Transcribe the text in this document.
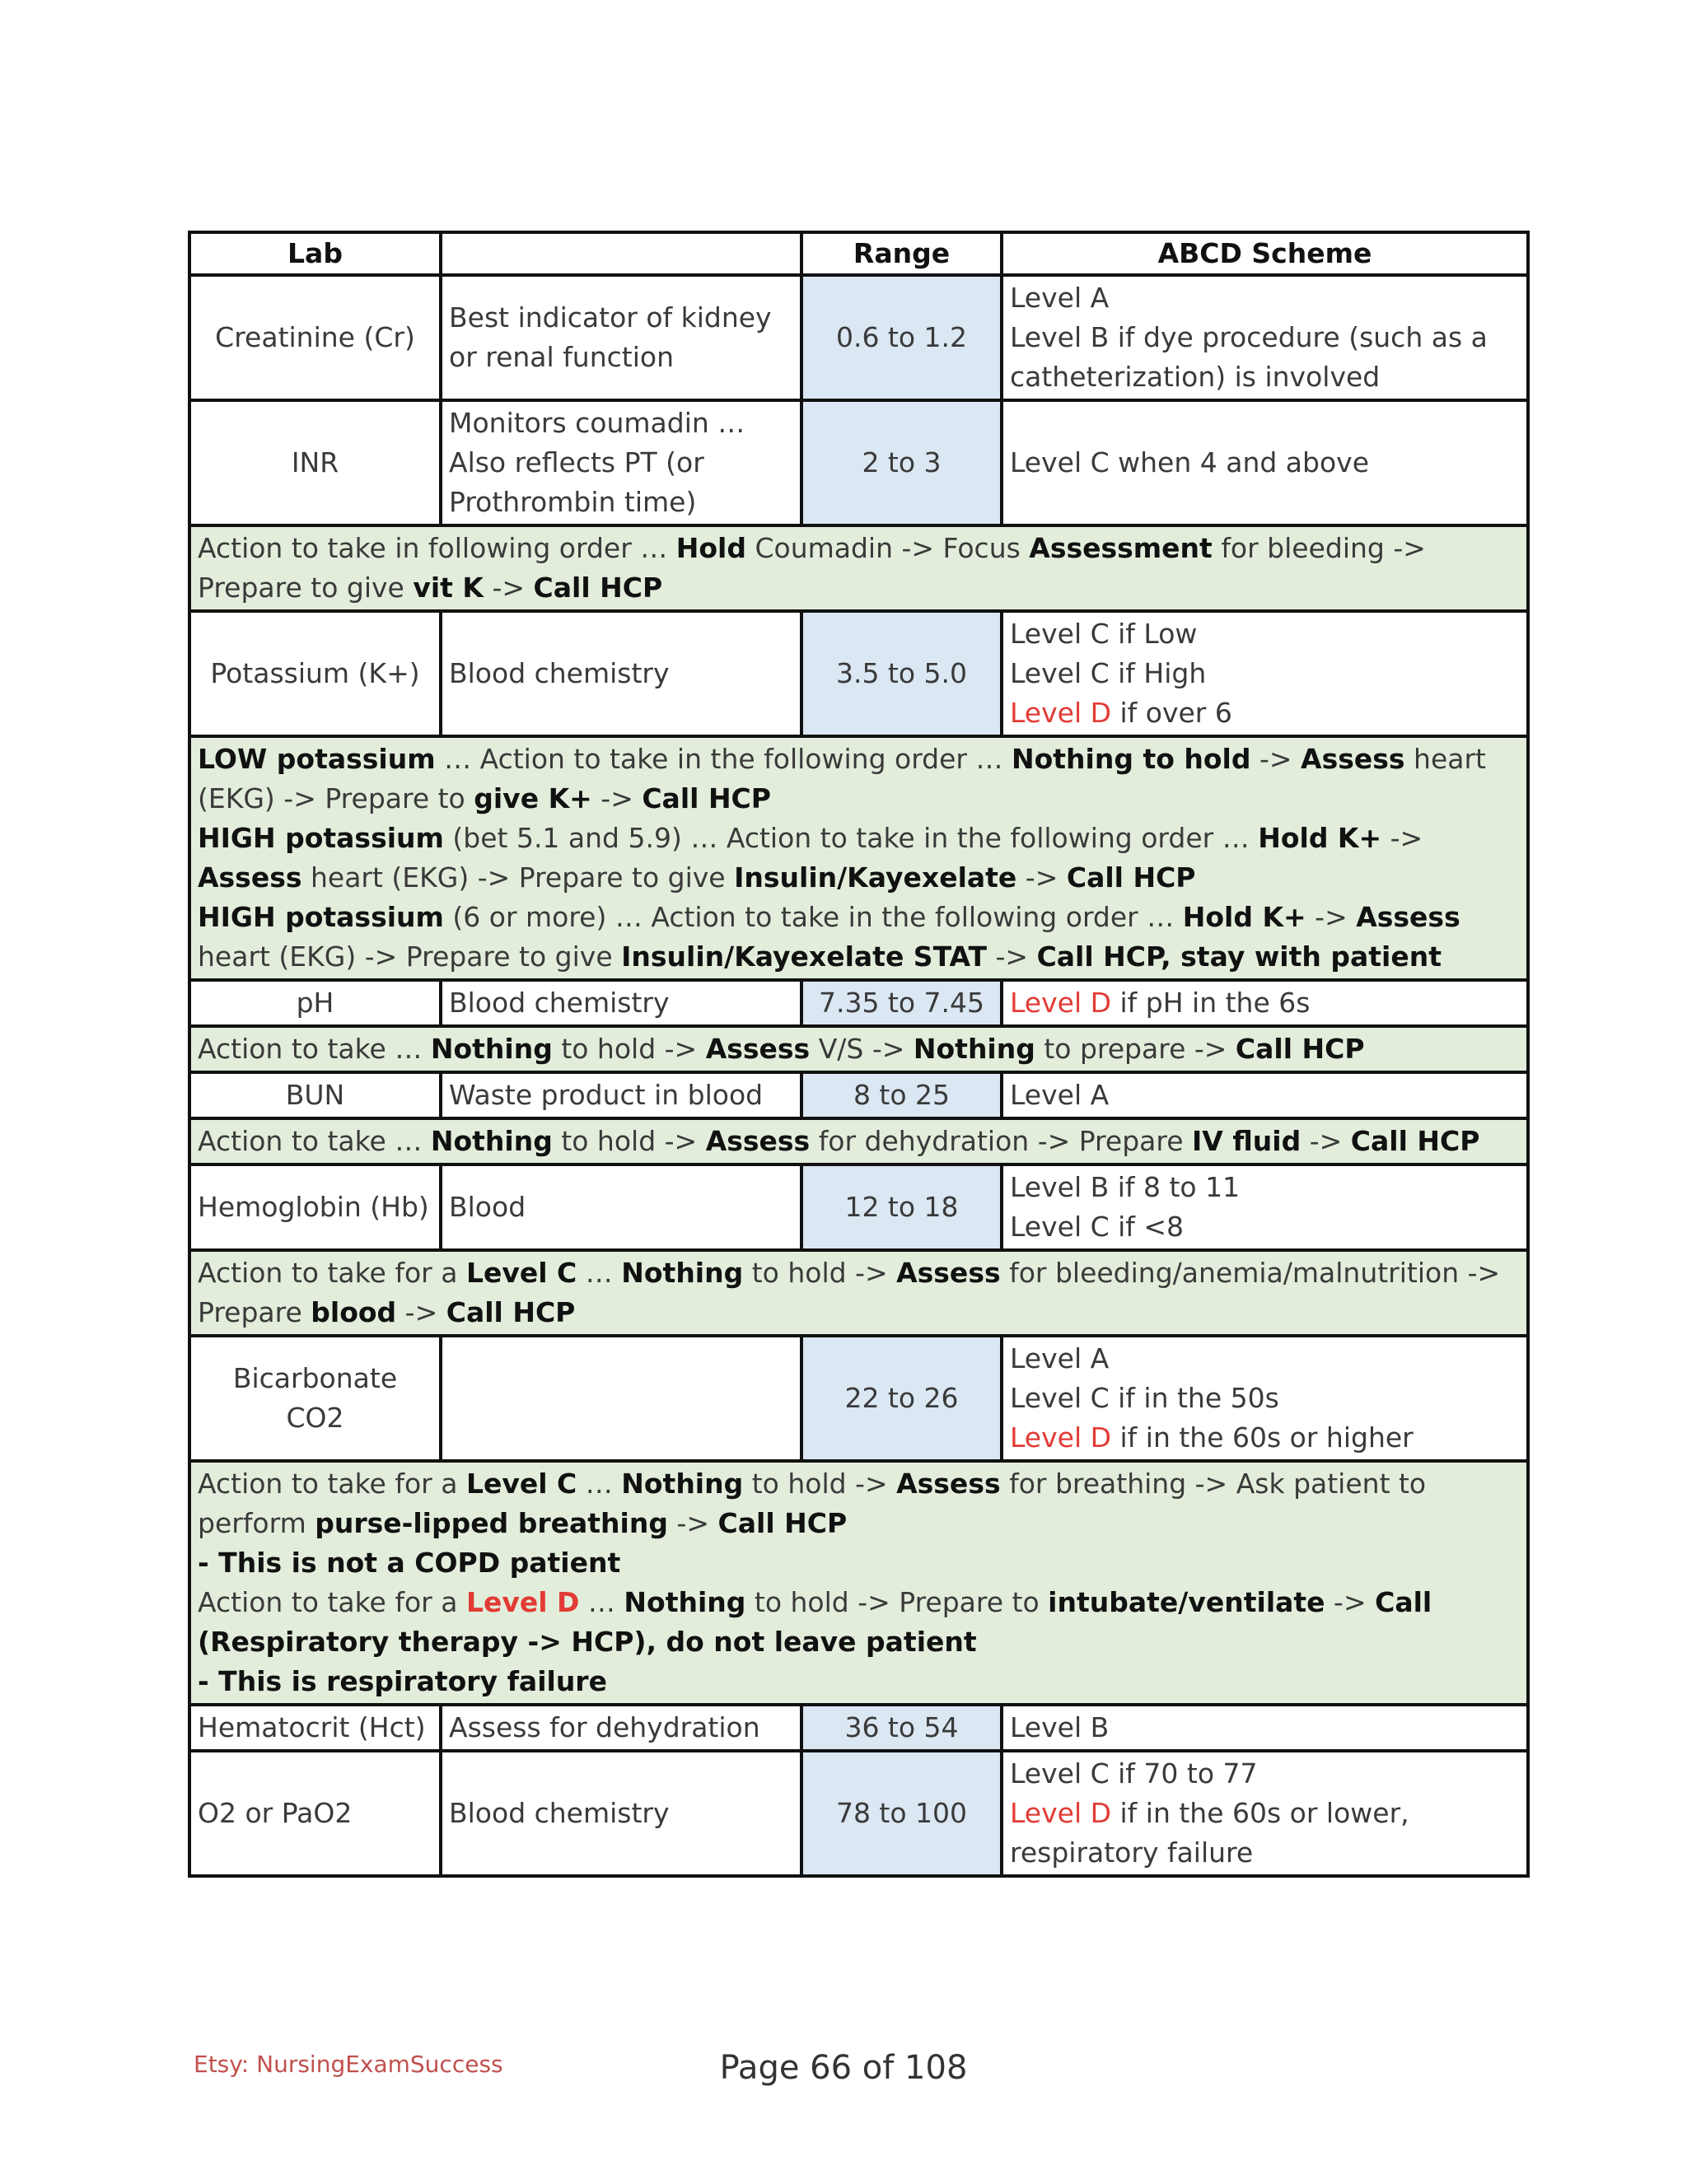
Lab		Range	ABCD Scheme
Creatinine (Cr)	Best indicator of kidney or renal function	0.6 to 1.2	Level A
Level B if dye procedure (such as a catheterization) is involved

INR	Monitors coumadin … Also reflects PT (or Prothrombin time)	2 to 3	Level C when 4 and above
Action to take in following order … Hold Coumadin -> Focus Assessment for bleeding -> Prepare to give vit K -> Call HCP			
Potassium (K+)	Blood chemistry	3.5 to 5.0	Level C if Low
Level C if High
Level D if over 6

LOW potassium … Action to take in the following order … Nothing to hold -> Assess heart (EKG) -> Prepare to give K+ -> Call HCP
HIGH potassium (bet 5.1 and 5.9) … Action to take in the following order … Hold K+ -> Assess heart (EKG) -> Prepare to give Insulin/Kayexelate -> Call HCP
HIGH potassium (6 or more) … Action to take in the following order … Hold K+ -> Assess heart (EKG) -> Prepare to give Insulin/Kayexelate STAT -> Call HCP, stay with patient			
pH	Blood chemistry	7.35 to 7.45	Level D if pH in the 6s
Action to take … Nothing to hold -> Assess V/S -> Nothing to prepare -> Call HCP			
BUN	Waste product in blood	8 to 25	Level A
Action to take … Nothing to hold -> Assess for dehydration -> Prepare IV fluid -> Call HCP			
Hemoglobin (Hb)	Blood	12 to 18	Level B if 8 to 11
Level C if <8

Action to take for a Level C … Nothing to hold -> Assess for bleeding/anemia/malnutrition -> Prepare blood -> Call HCP			

Bicarbonate
CO2		22 to 26	Level A
Level C if in the 50s
Level D if in the 60s or higher

Action to take for a Level C … Nothing to hold -> Assess for breathing -> Ask patient to perform purse-lipped breathing -> Call HCP
- This is not a COPD patient
Action to take for a Level D … Nothing to hold -> Prepare to intubate/ventilate -> Call (Respiratory therapy -> HCP), do not leave patient
- This is respiratory failure			
Hematocrit (Hct)	Assess for dehydration	36 to 54	Level B
O2 or PaO2	Blood chemistry	78 to 100	Level C if 70 to 77
Level D if in the 60s or lower, respiratory failure
Etsy: NursingExamSuccess	Page 66 of 108
